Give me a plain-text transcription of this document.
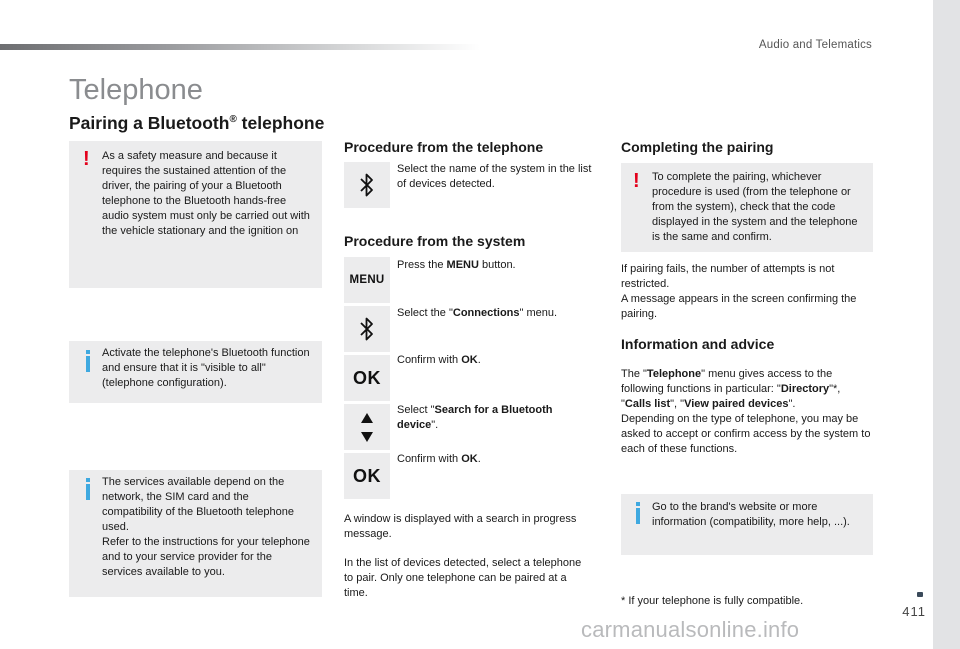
Audio and Telematics
Telephone
Pairing a Bluetooth® telephone
! As a safety measure and because it requires the sustained attention of the driver, the pairing of your a Bluetooth telephone to the Bluetooth hands-free audio system must only be carried out with the vehicle stationary and the ignition on
Activate the telephone's Bluetooth function and ensure that it is "visible to all" (telephone configuration).
The services available depend on the network, the SIM card and the compatibility of the Bluetooth telephone used.
Refer to the instructions for your telephone and to your service provider for the services available to you.
Procedure from the telephone
Select the name of the system in the list of devices detected.
Procedure from the system
MENU
Press the MENU button.
Select the "Connections" menu.
OK
Confirm with OK.
Select "Search for a Bluetooth device".
OK
Confirm with OK.
A window is displayed with a search in progress message.
In the list of devices detected, select a telephone to pair. Only one telephone can be paired at a time.
Completing the pairing
! To complete the pairing, whichever procedure is used (from the telephone or from the system), check that the code displayed in the system and the telephone is the same and confirm.
If pairing fails, the number of attempts is not restricted.
A message appears in the screen confirming the pairing.
Information and advice
The "Telephone" menu gives access to the following functions in particular: "Directory"*, "Calls list", "View paired devices".
Depending on the type of telephone, you may be asked to accept or confirm access by the system to each of these functions.
Go to the brand's website or more information (compatibility, more help, ...).
* If your telephone is fully compatible.
411
carmanualsonline.info
